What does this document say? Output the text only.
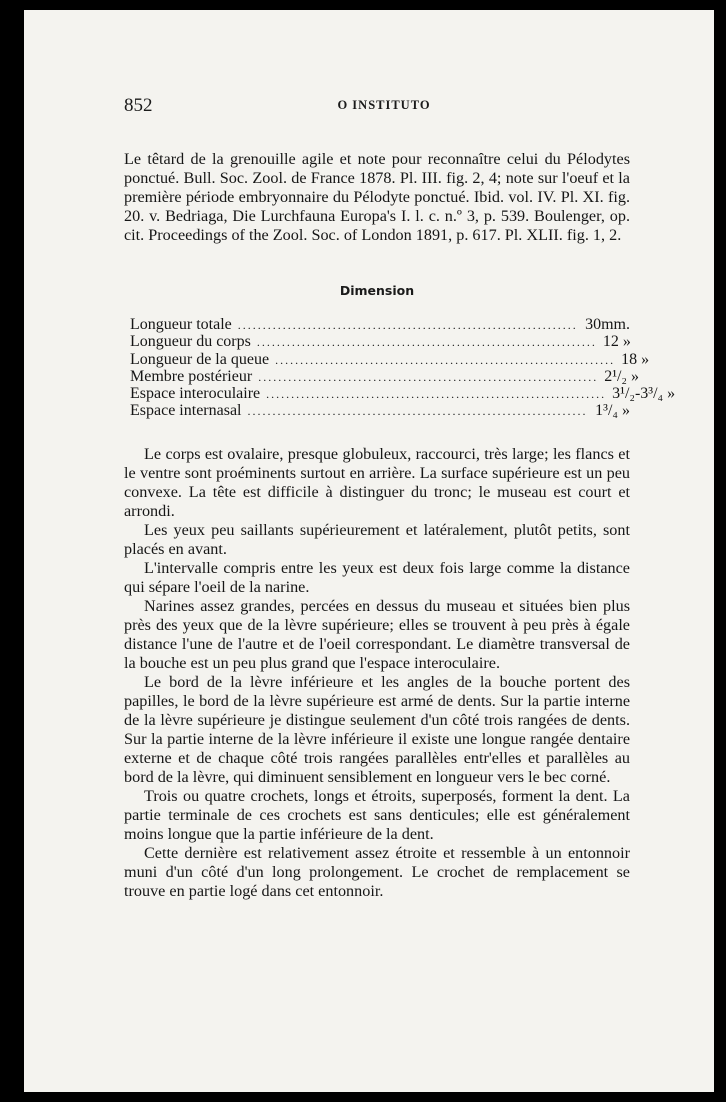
852	O INSTITUTO
Le têtard de la grenouille agile et note pour reconnaître celui du Pélodytes ponctué. Bull. Soc. Zool. de France 1878. Pl. III. fig. 2, 4; note sur l'oeuf et la première période embryonnaire du Pélodyte ponctué. Ibid. vol. IV. Pl. XI. fig. 20. v. Bedriaga, Die Lurchfauna Europa's I. l. c. n.º 3, p. 539. Boulenger, op. cit. Proceedings of the Zool. Soc. of London 1891, p. 617. Pl. XLII. fig. 1, 2.
Dimension
Longueur totale .................................................................... 30mm.
Longueur du corps .................................................................... 12 »
Longueur de la queue .................................................................... 18 »
Membre postérieur .................................................................... 2¹/₂ »
Espace interoculaire .................................................................... 3¹/₂-3³/₄ »
Espace internasal .................................................................... 1³/₄ »

Le corps est ovalaire, presque globuleux, raccourci, très large; les flancs et le ventre sont proéminents surtout en arrière. La surface supérieure est un peu convexe. La tête est difficile à distinguer du tronc; le museau est court et arrondi.

Les yeux peu saillants supérieurement et latéralement, plutôt petits, sont placés en avant.

L'intervalle compris entre les yeux est deux fois large comme la distance qui sépare l'oeil de la narine.

Narines assez grandes, percées en dessus du museau et situées bien plus près des yeux que de la lèvre supérieure; elles se trouvent à peu près à égale distance l'une de l'autre et de l'oeil correspondant. Le diamètre transversal de la bouche est un peu plus grand que l'espace interoculaire.

Le bord de la lèvre inférieure et les angles de la bouche portent des papilles, le bord de la lèvre supérieure est armé de dents. Sur la partie interne de la lèvre supérieure je distingue seulement d'un côté trois rangées de dents. Sur la partie interne de la lèvre inférieure il existe une longue rangée dentaire externe et de chaque côté trois rangées parallèles entr'elles et parallèles au bord de la lèvre, qui diminuent sensiblement en longueur vers le bec corné.

Trois ou quatre crochets, longs et étroits, superposés, forment la dent. La partie terminale de ces crochets est sans denticules; elle est généralement moins longue que la partie inférieure de la dent.

Cette dernière est relativement assez étroite et ressemble à un entonnoir muni d'un côté d'un long prolongement. Le crochet de remplacement se trouve en partie logé dans cet entonnoir.
